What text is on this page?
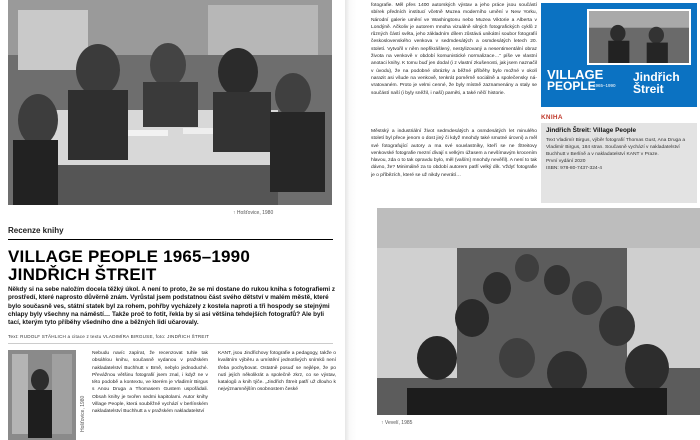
↑ Hošťovice, 1980
Recenze knihy
VILLAGE PEOPLE 1965–1990
JINDŘICH ŠTREIT
Někdy si na sebe naložím docela těžký úkol. A není to proto, že se mi dostane do rukou kniha s fotografiemi z prostředí, které naprosto důvěrně znám. Vyrůstal jsem podstatnou část svého dětství v malém městě, které bylo současně ves, státní statek byl za rohem, pohřby vycházely z kostela naproti a tři hospody se stejnými chlapy byly všechny na náměstí… Takže proč to fotit, řekla by si asi většina tehdejších fotografů? Ale byli tací, kterým tyto příběhy všedního dne a běžných lidí učarovaly.
Text: RUDOLF STÄHLICH a citace z textu VLADIMÍRA BIRGUSE, foto: JINDŘICH ŠTREIT
Hošťovice, 1980
Nebudu navíc zapírat, že recenzovat tuhle tak obsáhlou knihu, současně vydanou v pražském nakladatelství Buchhutt v Brně, nebylo jednoduché. Převážnou většinu fotografií jsem znal, i když ne v této podobě a kontextu, ve kterém je Vladimír Birgus s Anou Druga a Thomasem Gustem uspořádali. Obsah knihy je tvořen sedmi kapitolami. Autor knihy Village People, která souběžně vychází v berlínském nakladatelství Buchhutt a v pražském nakladatelství
KANT, jsou Jindřichovy fotografie a pedagogy, takže o kvalitním výběru a umístění jednotlivých snímků není třeba pochybovat. Ostatně posuď se nejlépe, že po nutí jejích několikrát a společně zkrz, co se výstav, katalogů a knih týče. „Jindřich Štreit patří už dlouho k nejvýznamnějším osobnostem české
fotografie. Měl přes 1400 autorských výstav a jeho práce jsou součástí sbírek předních institucí včetně Muzea moderního umění v New Yorku, Národní galerie umění ve Washingtonu nebo Muzea Viktorie a Alberta v Londýně. Ačkoliv je autorem mnoha vizuálně silných fotografických cyklů z různých částí světa, jeho základním dílem zůstává unikátní soubor fotografií československého venkova v sedmdesátých a osmdesátých letech 20. století. Vytvořil v něm nepřikrášlený, nestylizovaný a nesentimentální obraz života na venkově v období komunistické normalizace…“ píše ve vlastní anotaci knihy. K tomu buď jen dodal (i z vlastní zkušenosti, jak jsem naznačil v úvodu), že na podobné obrázky a běžné příběhy bylo možné v okolí narazit asi všude na venkově, tenkrát poměrně sociálně a společensky návratovaném. Proto je velmi cenné, že byly místně zaznamenány a staly se součástí naší (i byly sněžil, i naší) paměti, a také něčí historie.
Městský a industriální život sedmdesátých a osmdesátých let minulého století byl přece jenom o dost jiný či když mnohdy také smutné úrovni) a měl své fotografující autory a ma své souvlastníky, kteří se ne Štreitovy venkovské fotografie mezní dívají s velkým úžasem a nevšímavým krocením hlavou, zda o to tak opravdu bylo, měl (vaším) mnohdy nevěřil). A není to tak dávno, že? Minimálně za to období autorem patří velký dík. Vždyť fotografie je o příbězích, které se už nikdy nevrátí…
↑ Vevelí, 1985
VILLAGE
PEOPLE
1965–1990
Jindřich
Štreit
KNIHA
Jindřich Štreit: Village People
Text Vladimír Birgus, výběr fotografií Thomas Gust, Ana Druga a Vladimír Birgus, 184 stran. Současně vychází v nakladatelství Buchhutt v Berlíně a v nakladatelství KANT v Praze.
První vydání 2020
ISBN: 978-80-7437-324-4
